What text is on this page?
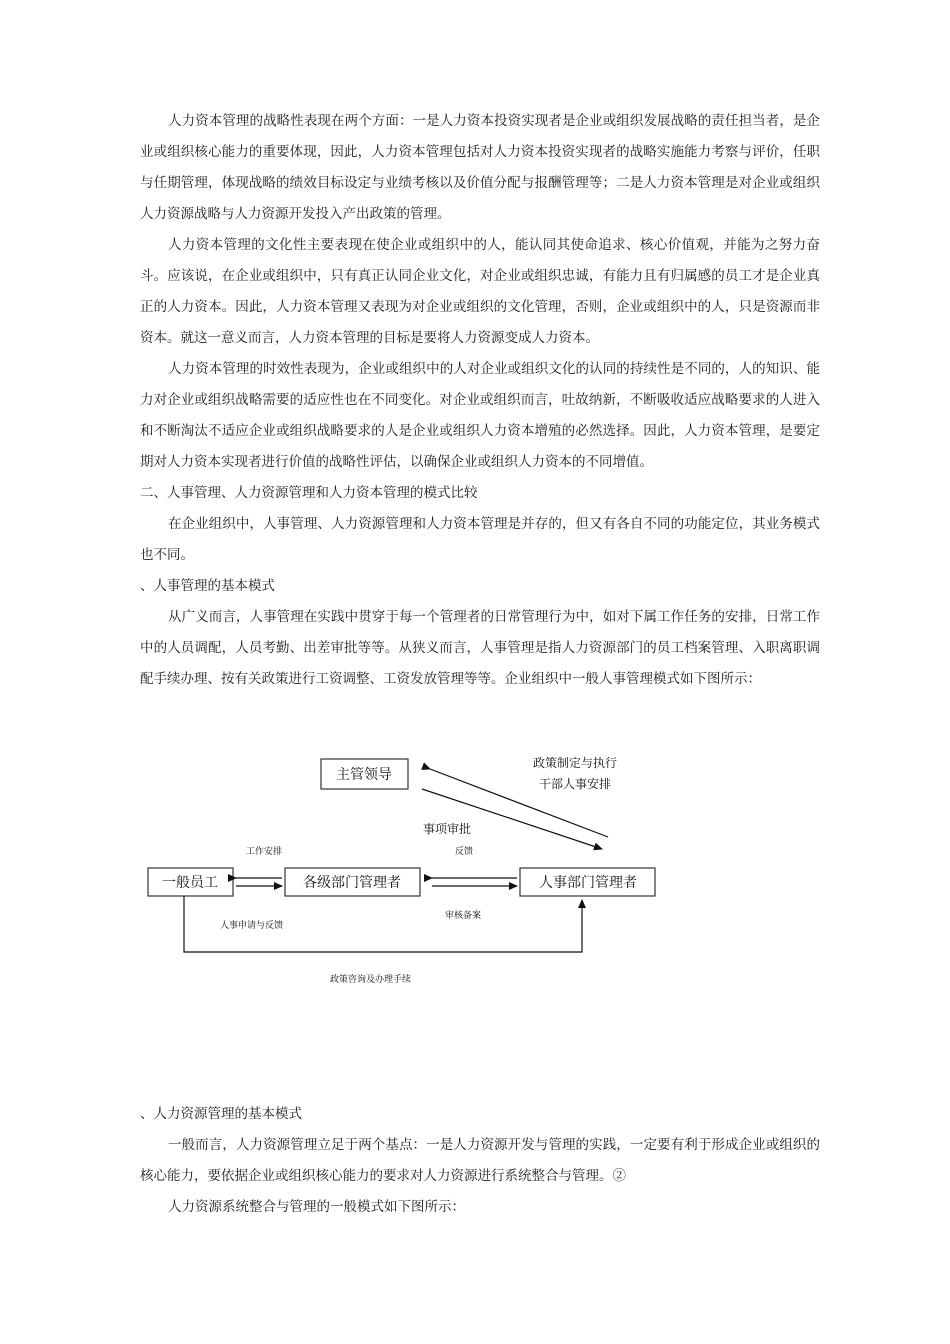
人力资本管理的战略性表现在两个方面：一是人力资本投资实现者是企业或组织发展战略的责任担当者，是企业或组织核心能力的重要体现，因此，人力资本管理包括对人力资本投资实现者的战略实施能力考察与评价，任职与任期管理，体现战略的绩效目标设定与业绩考核以及价值分配与报酬管理等；二是人力资本管理是对企业或组织人力资源战略与人力资源开发投入产出政策的管理。

人力资本管理的文化性主要表现在使企业或组织中的人，能认同其使命追求、核心价值观，并能为之努力奋斗。应该说，在企业或组织中，只有真正认同企业文化，对企业或组织忠诚，有能力且有归属感的员工才是企业真正的人力资本。因此，人力资本管理又表现为对企业或组织的文化管理，否则，企业或组织中的人，只是资源而非资本。就这一意义而言，人力资本管理的目标是要将人力资源变成人力资本。

人力资本管理的时效性表现为，企业或组织中的人对企业或组织文化的认同的持续性是不同的，人的知识、能力对企业或组织战略需要的适应性也在不同变化。对企业或组织而言，吐故纳新，不断吸收适应战略要求的人进入和不断淘汰不适应企业或组织战略要求的人是企业或组织人力资本增殖的必然选择。因此，人力资本管理，是要定期对人力资本实现者进行价值的战略性评估，以确保企业或组织人力资本的不同增值。

二、人事管理、人力资源管理和人力资本管理的模式比较

在企业组织中，人事管理、人力资源管理和人力资本管理是并存的，但又有各自不同的功能定位，其业务模式也不同。

、人事管理的基本模式

从广义而言，人事管理在实践中贯穿于每一个管理者的日常管理行为中，如对下属工作任务的安排，日常工作中的人员调配，人员考勤、出差审批等等。从狭义而言，人事管理是指人力资源部门的员工档案管理、入职离职调配手续办理、按有关政策进行工资调整、工资发放管理等等。企业组织中一般人事管理模式如下图所示：

主管领导
一般员工	各级部门管理者	人事部门管理者
政策制定与执行
干部人事安排
事项审批
工作安排	反馈
人事申请与反馈
审核备案
政策咨询及办理手续

、人力资源管理的基本模式

一般而言，人力资源管理立足于两个基点：一是人力资源开发与管理的实践，一定要有利于形成企业或组织的核心能力，要依据企业或组织核心能力的要求对人力资源进行系统整合与管理。②

人力资源系统整合与管理的一般模式如下图所示：
